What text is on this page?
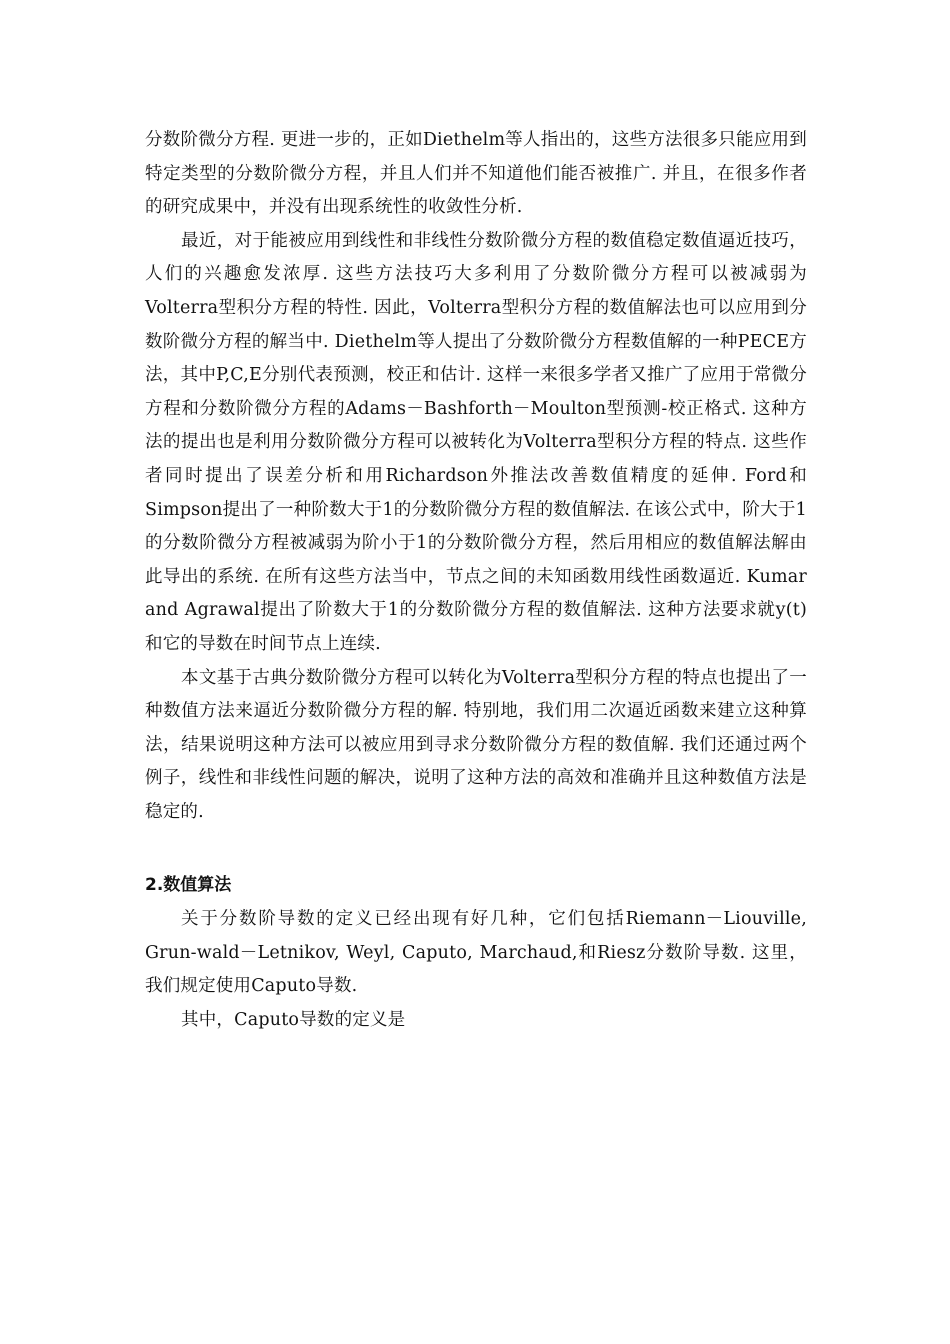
分数阶微分方程. 更进一步的，正如Diethelm等人指出的，这些方法很多只能应用到特定类型的分数阶微分方程，并且人们并不知道他们能否被推广. 并且，在很多作者的研究成果中，并没有出现系统性的收敛性分析.

最近，对于能被应用到线性和非线性分数阶微分方程的数值稳定数值逼近技巧，人们的兴趣愈发浓厚. 这些方法技巧大多利用了分数阶微分方程可以被减弱为Volterra型积分方程的特性. 因此，Volterra型积分方程的数值解法也可以应用到分数阶微分方程的解当中. Diethelm等人提出了分数阶微分方程数值解的一种PECE方法，其中P,C,E分别代表预测，校正和估计. 这样一来很多学者又推广了应用于常微分方程和分数阶微分方程的Adams－Bashforth－Moulton型预测-校正格式. 这种方法的提出也是利用分数阶微分方程可以被转化为Volterra型积分方程的特点. 这些作者同时提出了误差分析和用Richardson外推法改善数值精度的延伸. Ford和Simpson提出了一种阶数大于1的分数阶微分方程的数值解法. 在该公式中，阶大于1的分数阶微分方程被减弱为阶小于1的分数阶微分方程，然后用相应的数值解法解由此导出的系统. 在所有这些方法当中，节点之间的未知函数用线性函数逼近. Kumar and Agrawal提出了阶数大于1的分数阶微分方程的数值解法. 这种方法要求就y(t)和它的导数在时间节点上连续.

本文基于古典分数阶微分方程可以转化为Volterra型积分方程的特点也提出了一种数值方法来逼近分数阶微分方程的解. 特别地，我们用二次逼近函数来建立这种算法，结果说明这种方法可以被应用到寻求分数阶微分方程的数值解. 我们还通过两个例子，线性和非线性问题的解决，说明了这种方法的高效和准确并且这种数值方法是稳定的.

2.数值算法

关于分数阶导数的定义已经出现有好几种，它们包括Riemann－Liouville, Grun-wald－Letnikov, Weyl, Caputo, Marchaud,和Riesz分数阶导数. 这里，我们规定使用Caputo导数.

其中，Caputo导数的定义是
